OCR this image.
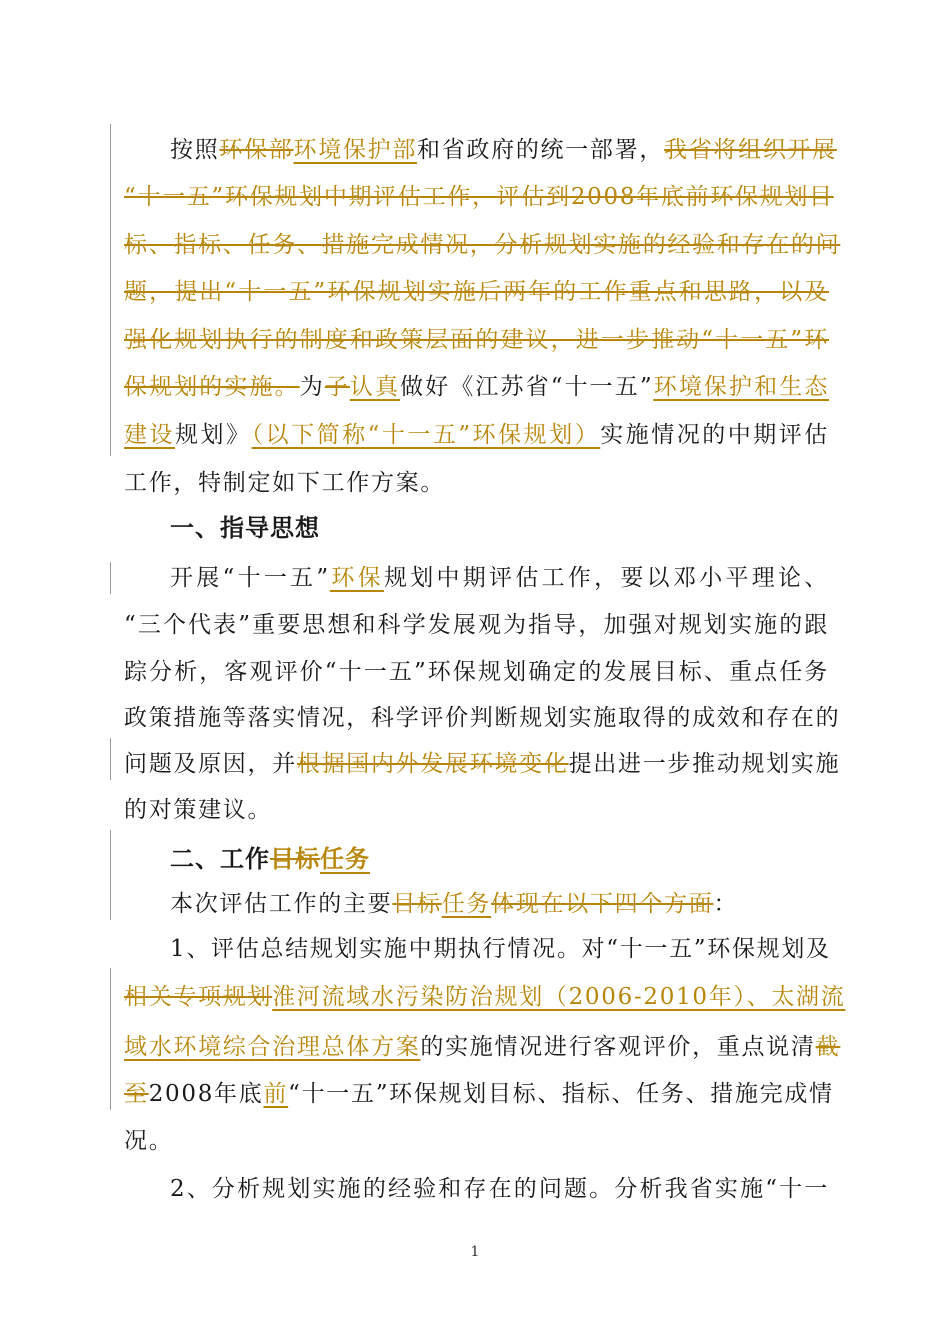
按照环保部环境保护部和省政府的统一部署，我省将组织开展
“十一五”环保规划中期评估工作，评估到2008年底前环保规划目
标、指标、任务、措施完成情况，分析规划实施的经验和存在的问
题，提出“十一五”环保规划实施后两年的工作重点和思路，以及
强化规划执行的制度和政策层面的建议，进一步推动“十一五”环
保规划的实施。为子认真做好《江苏省“十一五”环境保护和生态
建设规划》（以下简称“十一五”环保规划）实施情况的中期评估
工作，特制定如下工作方案。
一、指导思想
开展“十一五”环保规划中期评估工作，要以邓小平理论、
“三个代表”重要思想和科学发展观为指导，加强对规划实施的跟
踪分析，客观评价“十一五”环保规划确定的发展目标、重点任务
政策措施等落实情况，科学评价判断规划实施取得的成效和存在的
问题及原因，并根据国内外发展环境变化提出进一步推动规划实施
的对策建议。
二、工作目标任务
本次评估工作的主要目标任务体现在以下四个方面：
1、评估总结规划实施中期执行情况。对“十一五”环保规划及
相关专项规划淮河流域水污染防治规划（2006-2010年）、太湖流
域水环境综合治理总体方案的实施情况进行客观评价，重点说清截
至2008年底前“十一五”环保规划目标、指标、任务、措施完成情
况。
2、分析规划实施的经验和存在的问题。分析我省实施“十一
1
